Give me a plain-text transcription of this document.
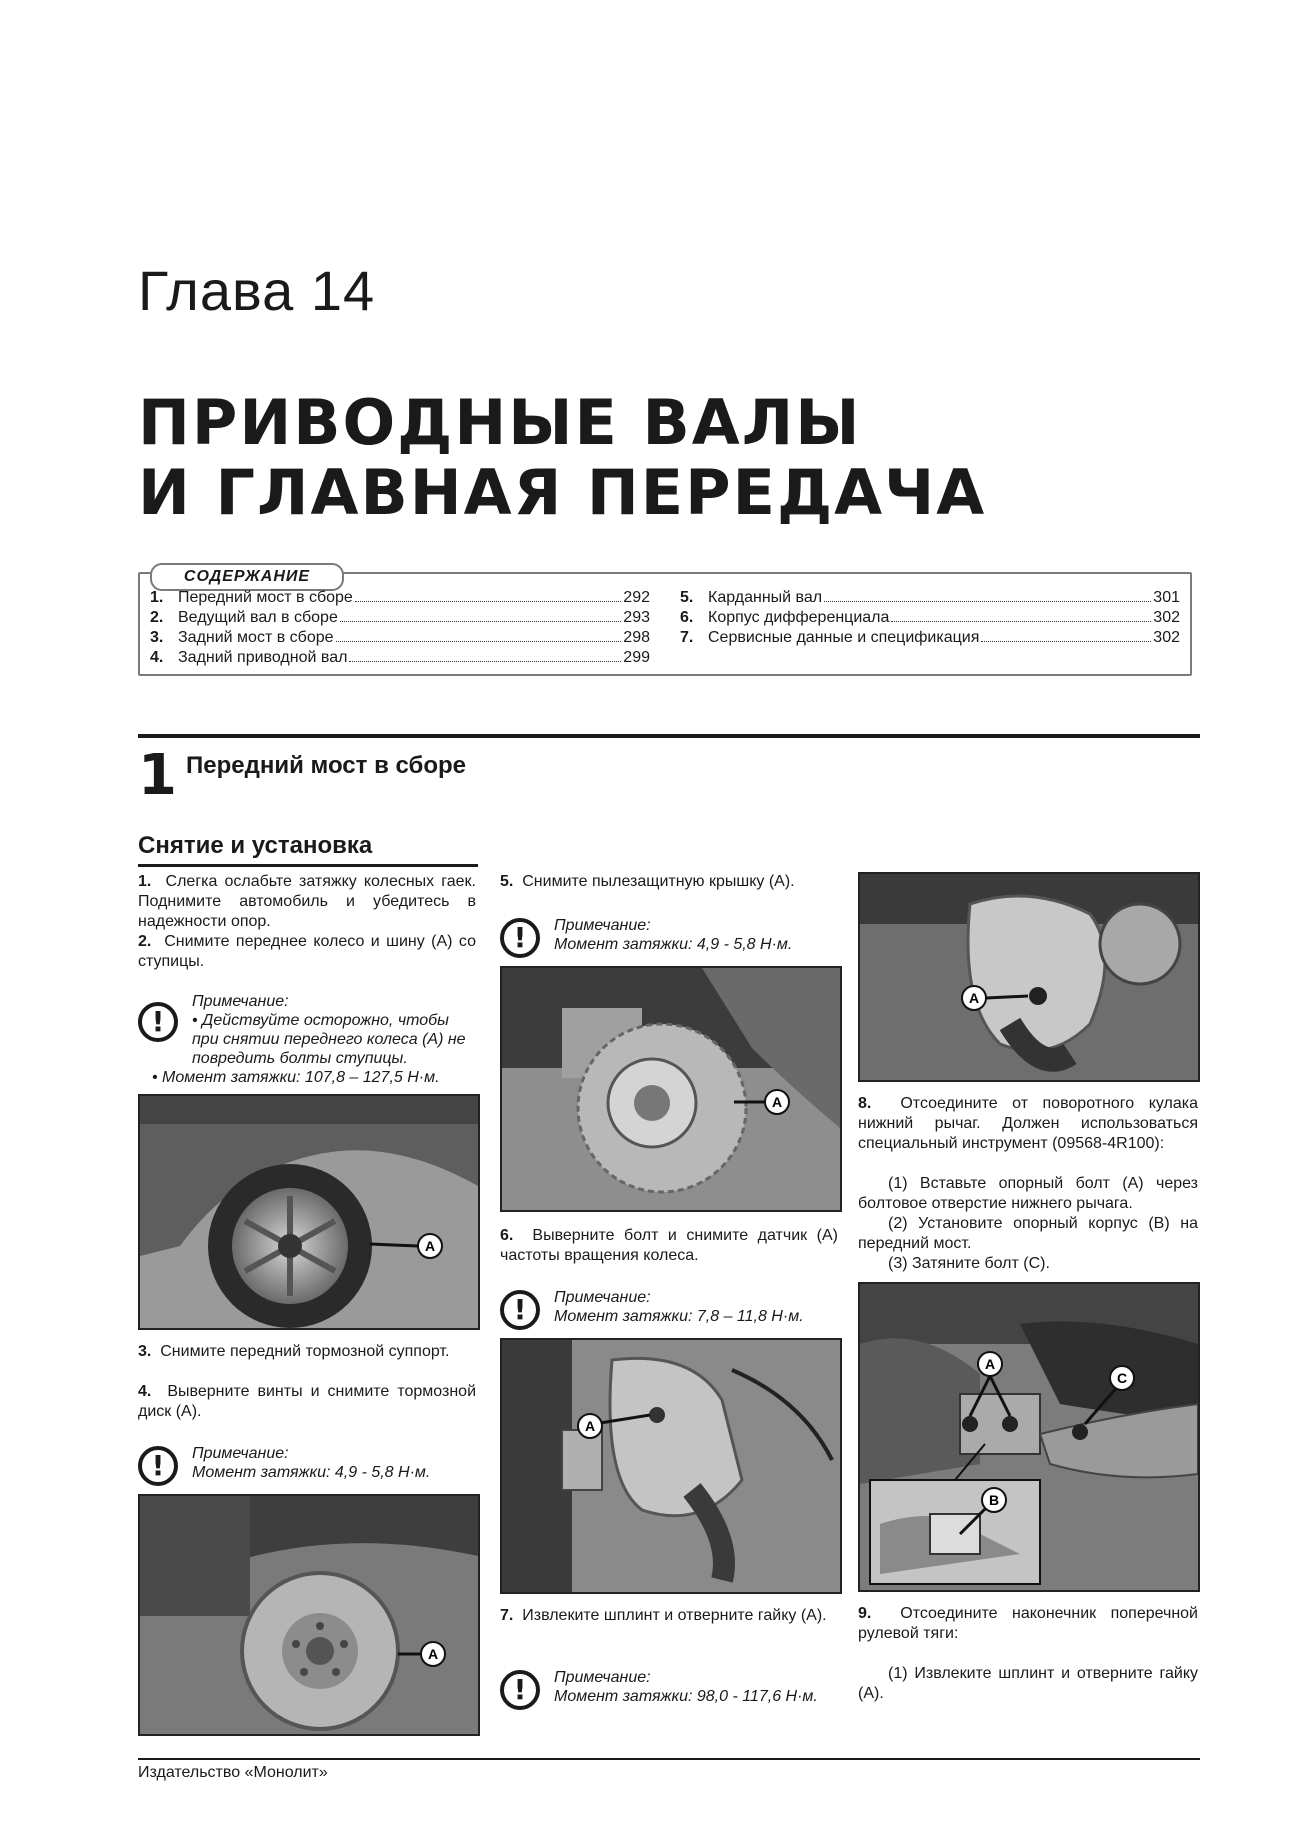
Глава 14
ПРИВОДНЫЕ ВАЛЫ
И ГЛАВНАЯ ПЕРЕДАЧА
СОДЕРЖАНИЕ
1. Передний мост в сборе	292
2. Ведущий вал в сборе	293
3. Задний мост в сборе	298
4. Задний приводной вал	299
5. Карданный вал	301
6. Корпус дифференциала	302
7. Сервисные данные и спецификация	302
1 Передний мост в сборе
Снятие и установка
1. Слегка ослабьте затяжку колесных гаек. Поднимите автомобиль и убедитесь в надежности опор.
2. Снимите переднее колесо и шину (А) со ступицы.
!
Примечание:
• Действуйте осторожно, чтобы при снятии переднего колеса (А) не повредить болты ступицы.
• Момент затяжки: 107,8 – 127,5 Н·м.
A
3. Снимите передний тормозной суппорт.
4. Выверните винты и снимите тормозной диск (А).
!	Примечание:
Момент затяжки: 4,9 - 5,8 Н·м.
A
5. Снимите пылезащитную крышку (А).
!	Примечание:
Момент затяжки: 4,9 - 5,8 Н·м.
A
6. Выверните болт и снимите датчик (А) частоты вращения колеса.
!	Примечание:
Момент затяжки: 7,8 – 11,8 Н·м.
A
7. Извлеките шплинт и отверните гайку (А).
!	Примечание:
Момент затяжки: 98,0 - 117,6 Н·м.
A
8. Отсоедините от поворотного кулака нижний рычаг. Должен использоваться специальный инструмент (09568-4R100):
(1) Вставьте опорный болт (А) через болтовое отверстие нижнего рычага.
(2) Установите опорный корпус (В) на передний мост.
(3) Затяните болт (С).
A
C
B
9. Отсоедините наконечник поперечной рулевой тяги:
(1) Извлеките шплинт и отверните гайку (А).
Издательство «Монолит»
